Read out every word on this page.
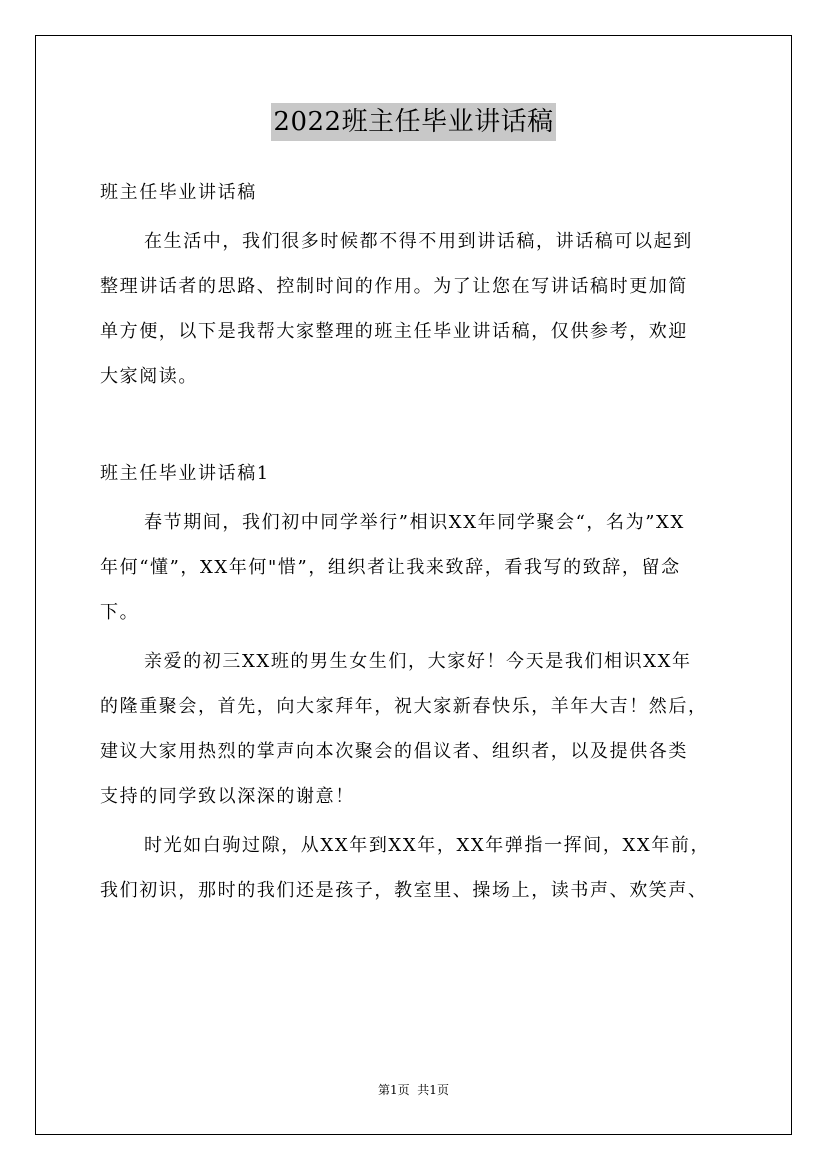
2022班主任毕业讲话稿
班主任毕业讲话稿
在生活中，我们很多时候都不得不用到讲话稿，讲话稿可以起到
整理讲话者的思路、控制时间的作用。为了让您在写讲话稿时更加简
单方便，以下是我帮大家整理的班主任毕业讲话稿，仅供参考，欢迎
大家阅读。
班主任毕业讲话稿1
春节期间，我们初中同学举行”相识XX年同学聚会“，名为”XX
年何“懂”，XX年何"惜”，组织者让我来致辞，看我写的致辞，留念
下。
亲爱的初三XX班的男生女生们，大家好！今天是我们相识XX年
的隆重聚会，首先，向大家拜年，祝大家新春快乐，羊年大吉！然后，
建议大家用热烈的掌声向本次聚会的倡议者、组织者，以及提供各类
支持的同学致以深深的谢意！
时光如白驹过隙，从XX年到XX年，XX年弹指一挥间，XX年前，
我们初识，那时的我们还是孩子，教室里、操场上，读书声、欢笑声、
第1页  共1页
